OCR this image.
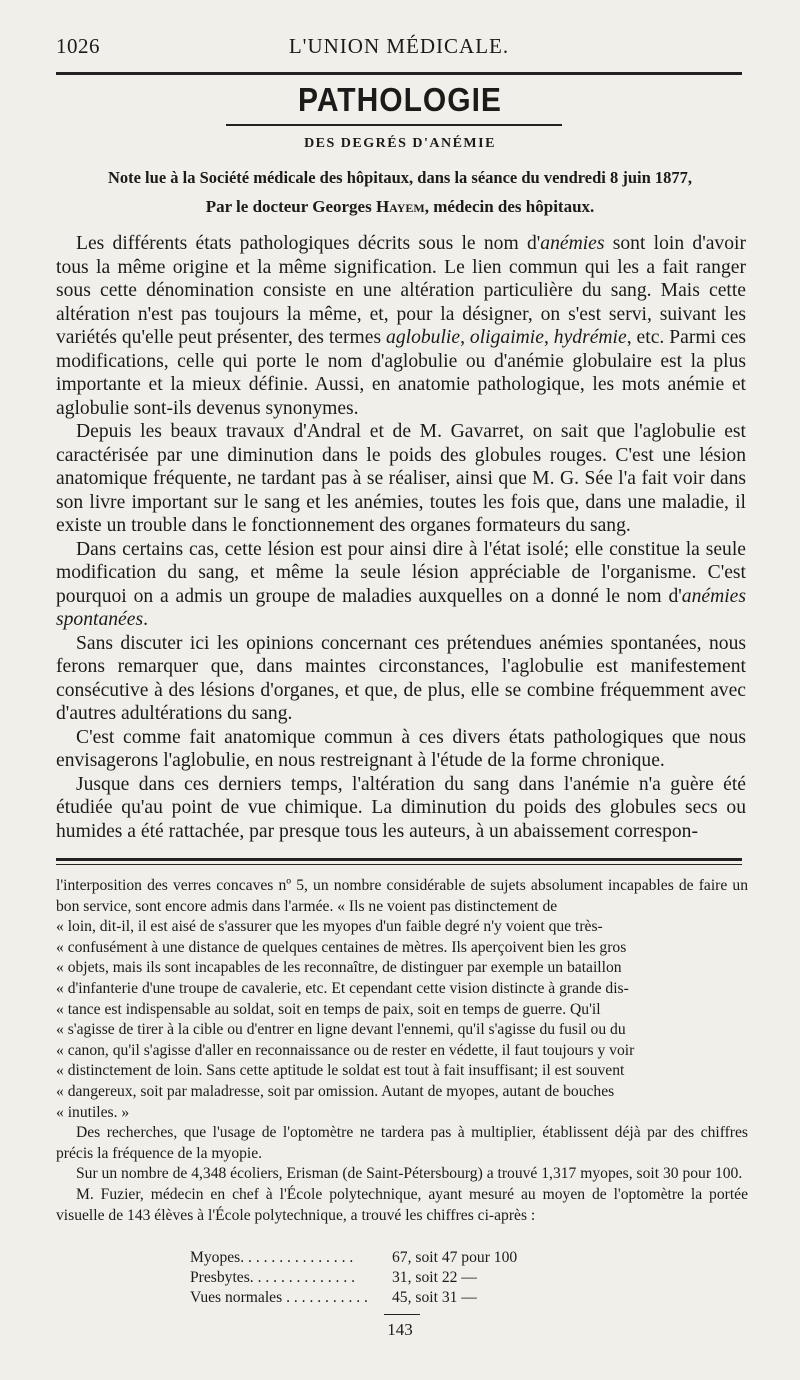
1026	L'UNION MÉDICALE.
PATHOLOGIE
DES DEGRÉS D'ANÉMIE
Note lue à la Société médicale des hôpitaux, dans la séance du vendredi 8 juin 1877,
Par le docteur Georges Hayem, médecin des hôpitaux.

Les différents états pathologiques décrits sous le nom d'anémies sont loin d'avoir tous la même origine et la même signification. Le lien commun qui les a fait ranger sous cette dénomination consiste en une altération particulière du sang. Mais cette altération n'est pas toujours la même, et, pour la désigner, on s'est servi, suivant les variétés qu'elle peut présenter, des termes aglobulie, oligaimie, hydrémie, etc. Parmi ces modifications, celle qui porte le nom d'aglobulie ou d'anémie globulaire est la plus importante et la mieux définie. Aussi, en anatomie pathologique, les mots anémie et aglobulie sont-ils devenus synonymes.

Depuis les beaux travaux d'Andral et de M. Gavarret, on sait que l'aglobulie est caractérisée par une diminution dans le poids des globules rouges. C'est une lésion anatomique fréquente, ne tardant pas à se réaliser, ainsi que M. G. Sée l'a fait voir dans son livre important sur le sang et les anémies, toutes les fois que, dans une maladie, il existe un trouble dans le fonctionnement des organes formateurs du sang.

Dans certains cas, cette lésion est pour ainsi dire à l'état isolé; elle constitue la seule modification du sang, et même la seule lésion appréciable de l'organisme. C'est pourquoi on a admis un groupe de maladies auxquelles on a donné le nom d'anémies spontanées.

Sans discuter ici les opinions concernant ces prétendues anémies spontanées, nous ferons remarquer que, dans maintes circonstances, l'aglobulie est manifestement consécutive à des lésions d'organes, et que, de plus, elle se combine fréquemment avec d'autres adultérations du sang.

C'est comme fait anatomique commun à ces divers états pathologiques que nous envisagerons l'aglobulie, en nous restreignant à l'étude de la forme chronique.

Jusque dans ces derniers temps, l'altération du sang dans l'anémie n'a guère été étudiée qu'au point de vue chimique. La diminution du poids des globules secs ou humides a été rattachée, par presque tous les auteurs, à un abaissement correspon-

l'interposition des verres concaves nº 5, un nombre considérable de sujets absolument incapables de faire un bon service, sont encore admis dans l'armée. « Ils ne voient pas distinctement de

« loin, dit-il, il est aisé de s'assurer que les myopes d'un faible degré n'y voient que très-
« confusément à une distance de quelques centaines de mètres. Ils aperçoivent bien les gros
« objets, mais ils sont incapables de les reconnaître, de distinguer par exemple un bataillon
« d'infanterie d'une troupe de cavalerie, etc. Et cependant cette vision distincte à grande dis-
« tance est indispensable au soldat, soit en temps de paix, soit en temps de guerre. Qu'il
« s'agisse de tirer à la cible ou d'entrer en ligne devant l'ennemi, qu'il s'agisse du fusil ou du
« canon, qu'il s'agisse d'aller en reconnaissance ou de rester en védette, il faut toujours y voir
« distinctement de loin. Sans cette aptitude le soldat est tout à fait insuffisant; il est souvent
« dangereux, soit par maladresse, soit par omission. Autant de myopes, autant de bouches
« inutiles. »

Des recherches, que l'usage de l'optomètre ne tardera pas à multiplier, établissent déjà par des chiffres précis la fréquence de la myopie.

Sur un nombre de 4,348 écoliers, Erisman (de Saint-Pétersbourg) a trouvé 1,317 myopes, soit 30 pour 100.

M. Fuzier, médecin en chef à l'École polytechnique, ayant mesuré au moyen de l'optomètre la portée visuelle de 143 élèves à l'École polytechnique, a trouvé les chiffres ci-après :

Myopes. . . . . . . . . . . . . . .	67, soit 47 pour 100
Presbytes. . . . . . . . . . . . . .	31, soit 22 —
Vues normales . . . . . . . . . . .	45, soit 31 —
143
